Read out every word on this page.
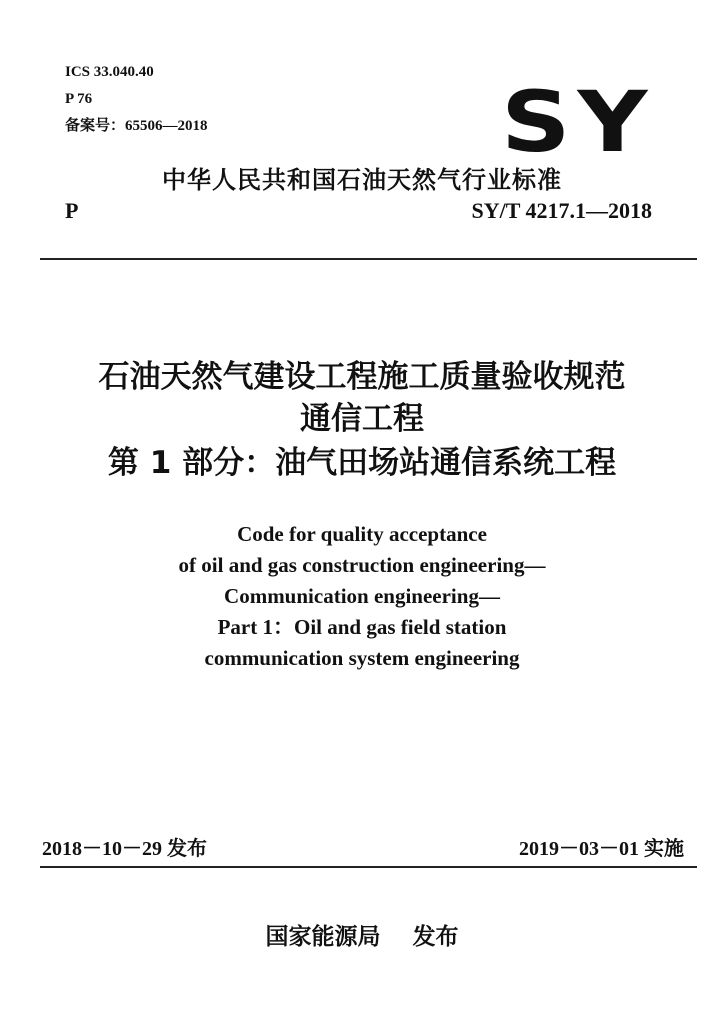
ICS 33.040.40
P 76
备案号：65506—2018	SY
中华人民共和国石油天然气行业标准
P	SY/T 4217.1—2018
石油天然气建设工程施工质量验收规范
通信工程
第 1 部分：油气田场站通信系统工程
Code for quality acceptance
of oil and gas construction engineering—
Communication engineering—
Part 1：Oil and gas field station
communication system engineering
2018－10－29 发布	2019－03－01 实施
国家能源局 发布
